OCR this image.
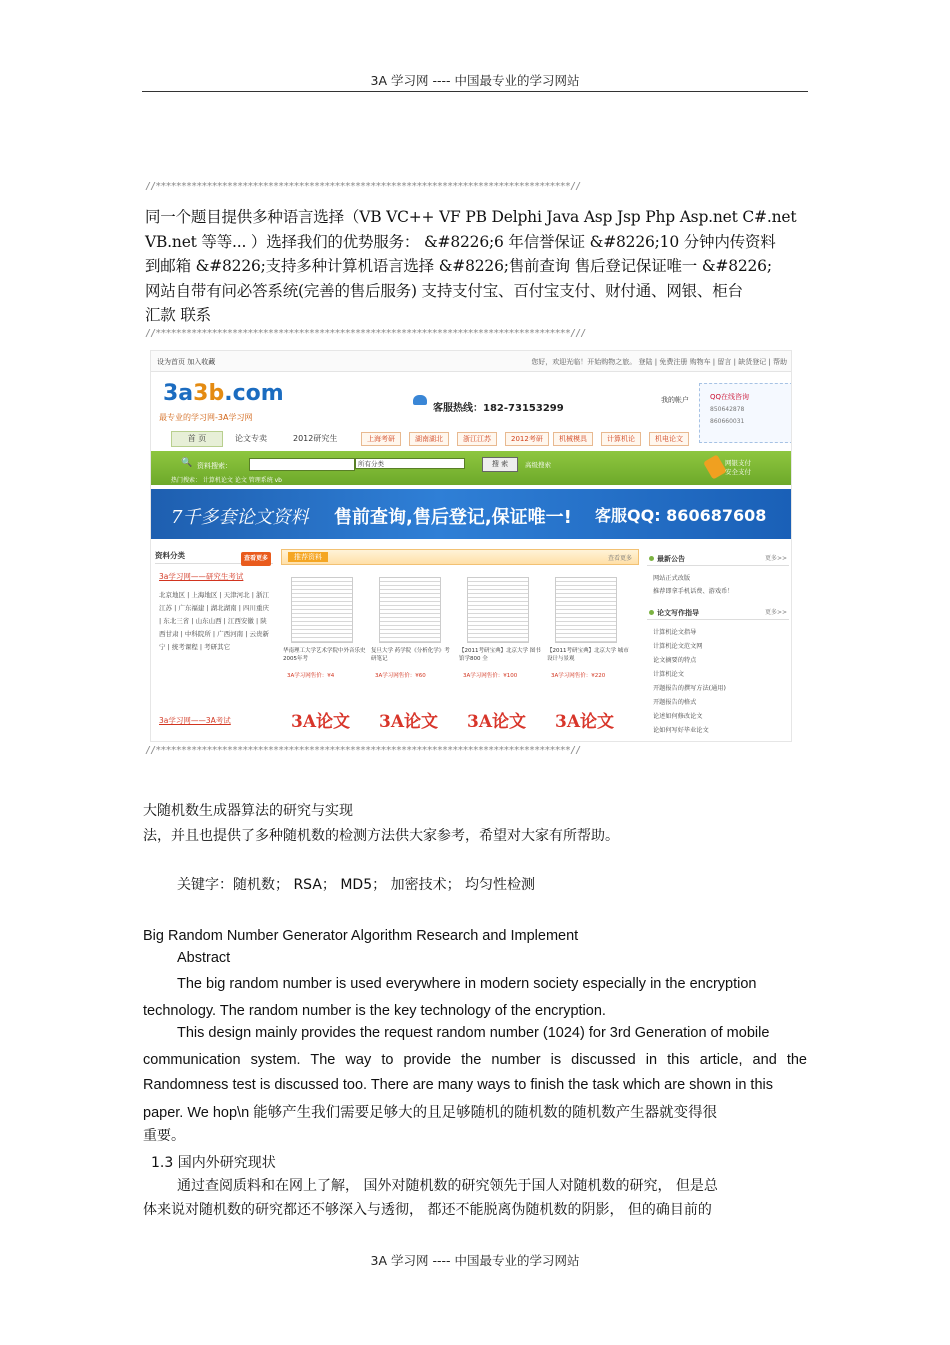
3A 学习网 ---- 中国最专业的学习网站
//*********************************************************************************//
同一个题目提供多种语言选择（VB VC++ VF PB Delphi Java Asp Jsp Php Asp.net C#.net
VB.net 等等... ）选择我们的优势服务： &#8226;6 年信誉保证 &#8226;10 分钟内传资料
到邮箱 &#8226;支持多种计算机语言选择 &#8226;售前查询 售后登记保证唯一 &#8226;
网站自带有问必答系统(完善的售后服务) 支持支付宝、百付宝支付、财付通、网银、柜台
汇款 联系
//*********************************************************************************///
设为首页 加入收藏	您好，欢迎光临！开始购物之旅。 登陆 | 免费注册 购物车 | 留言 | 缺货登记 | 帮助
3a3b.com
最专业的学习网-3A学习网
客服热线：182-73153299
我的帐户	QQ在线咨询
850642878
860660031
首 页	论文专卖	2012研究生	上海考研	湖南湖北	浙江江苏	2012考研	机械模具	计算机论	机电论文
🔍 资料搜索：	所有分类	搜 索	高级搜索
热门搜索： 计算机论文 论文 管理系统 vb
网银支付
安全支付
7千多套论文资料 售前查询,售后登记,保证唯一! 客服QQ: 860687608
资料分类	查看更多
3a学习网——研究生考试
北京地区 | 上海地区 | 天津河北 | 浙江江苏 | 广东福建 | 湖北湖南 | 四川重庆 | 东北三省 | 山东山西 | 江西安徽 | 陕西甘肃 | 中科院所 | 广西河南 | 云贵新宁 | 统考课程 | 考研其它
3a学习网——3A考试
推荐资料	查看更多
华南理工大学艺术学院中外音乐史2005年考
复旦大学 药学院《分析化学》考研笔记
【2011考研宝典】北京大学 图书馆学800 全
【2011考研宝典】北京大学 城市设计与景观
3A学习网售价：¥4	3A学习网售价：¥60	3A学习网售价：¥100	3A学习网售价：¥220
3A论文 3A论文 3A论文 3A论文
最新公告	更多>>
网站正式改版
推荐即拿手机话费、游戏币！
论文写作指导	更多>>
计算机论文指导
计算机论文范文网
论文摘要的特点
计算机论文
开题报告的撰写方法(通用)
开题报告的格式
论述如何修改论文
论如何写好毕业论文
//*********************************************************************************//
大随机数生成器算法的研究与实现
法，并且也提供了多种随机数的检测方法供大家参考，希望对大家有所帮助。
关键字：随机数； RSA； MD5； 加密技术； 均匀性检测
Big Random Number Generator Algorithm Research and Implement
Abstract
The big random number is used everywhere in modern society especially in the encryption
technology. The random number is the key technology of the encryption.
This design mainly provides the request random number (1024) for 3rd Generation of mobile
communication system. The way to provide the number is discussed in this article, and the
Randomness test is discussed too. There are many ways to finish the task which are shown in this
paper. We hop\n 能够产生我们需要足够大的且足够随机的随机数的随机数产生器就变得很
重要。
1.3 国内外研究现状
通过查阅质料和在网上了解， 国外对随机数的研究领先于国人对随机数的研究， 但是总
体来说对随机数的研究都还不够深入与透彻， 都还不能脱离伪随机数的阴影， 但的确目前的
3A 学习网 ---- 中国最专业的学习网站
